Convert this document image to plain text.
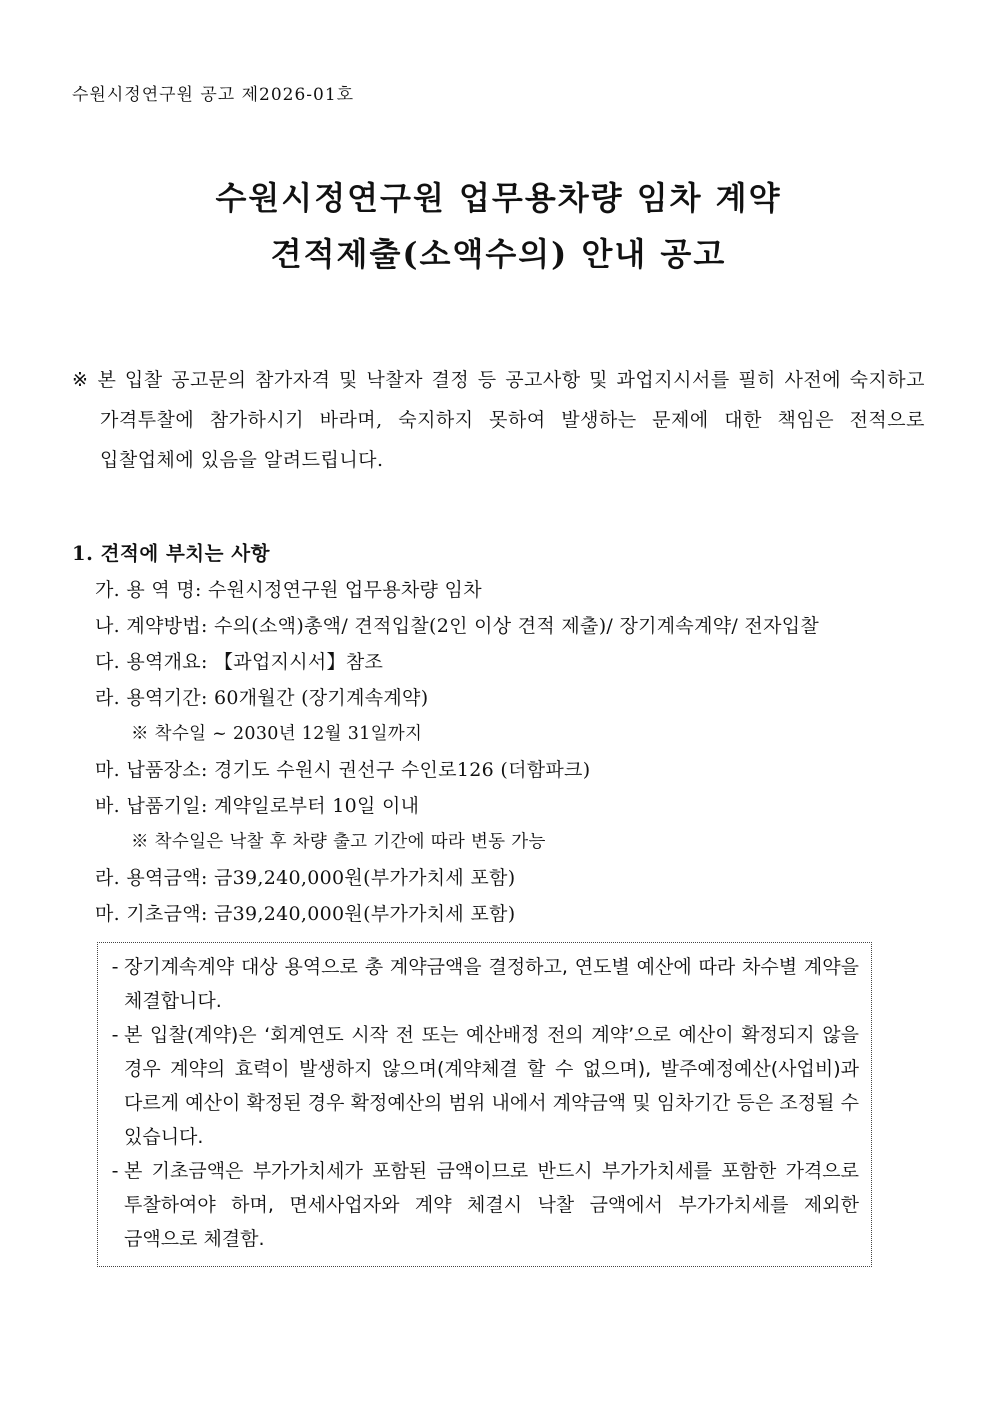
수원시정연구원 공고 제2026-01호
수원시정연구원 업무용차량 임차 계약
견적제출(소액수의) 안내 공고
※ 본 입찰 공고문의 참가자격 및 낙찰자 결정 등 공고사항 및 과업지시서를 필히 사전에 숙지하고 가격투찰에 참가하시기 바라며, 숙지하지 못하여 발생하는 문제에 대한 책임은 전적으로 입찰업체에 있음을 알려드립니다.
1. 견적에 부치는 사항
가. 용 역 명: 수원시정연구원 업무용차량 임차
나. 계약방법: 수의(소액)총액/ 견적입찰(2인 이상 견적 제출)/ 장기계속계약/ 전자입찰
다. 용역개요: 【과업지시서】참조
라. 용역기간: 60개월간 (장기계속계약)
※ 착수일 ~ 2030년 12월 31일까지
마. 납품장소: 경기도 수원시 권선구 수인로126 (더함파크)
바. 납품기일: 계약일로부터 10일 이내
※ 착수일은 낙찰 후 차량 출고 기간에 따라 변동 가능
라. 용역금액: 금39,240,000원(부가가치세 포함)
마. 기초금액: 금39,240,000원(부가가치세 포함)
- 장기계속계약 대상 용역으로 총 계약금액을 결정하고, 연도별 예산에 따라 차수별 계약을 체결합니다.
- 본 입찰(계약)은 ‘회계연도 시작 전 또는 예산배정 전의 계약’으로 예산이 확정되지 않을 경우 계약의 효력이 발생하지 않으며(계약체결 할 수 없으며), 발주예정예산(사업비)과 다르게 예산이 확정된 경우 확정예산의 범위 내에서 계약금액 및 임차기간 등은 조정될 수 있습니다.
- 본 기초금액은 부가가치세가 포함된 금액이므로 반드시 부가가치세를 포함한 가격으로 투찰하여야 하며, 면세사업자와 계약 체결시 낙찰 금액에서 부가가치세를 제외한 금액으로 체결함.
